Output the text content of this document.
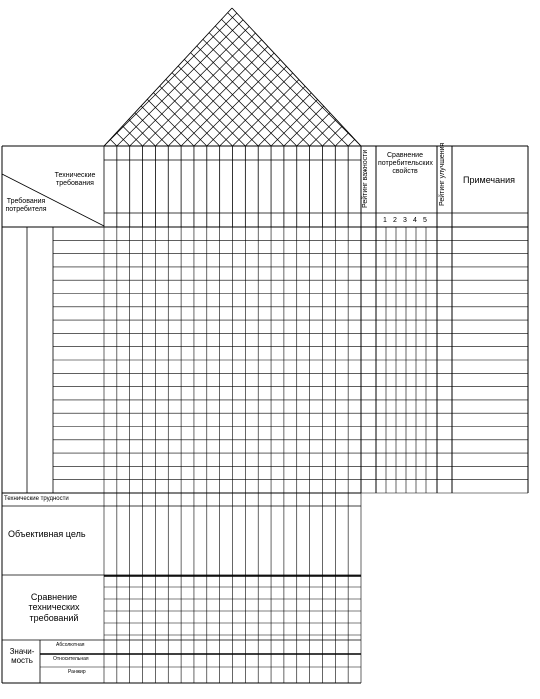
Технические требования
Требования потребителя
Рейтинг важности	Сравнение потребительских свойств
1 2 3 4 5
Рейтинг улучшения	Примечания
Технические трудности
Объективная цель
Сравнение технических требований
Значи- мость
Абсолютная
Относительная
Ранжир
